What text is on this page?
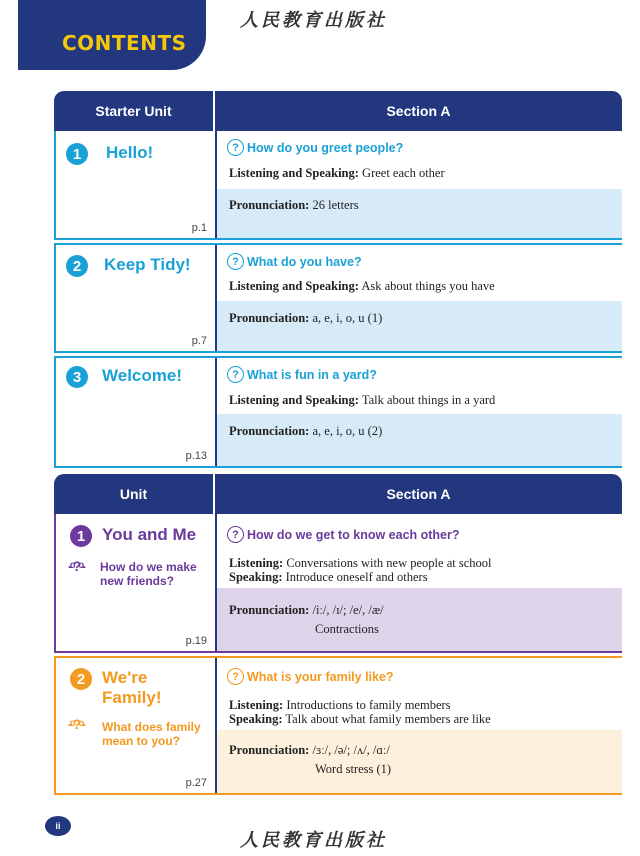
CONTENTS
人民教育出版社
Starter Unit	Section A
1	Hello!
p.1
? How do you greet people?
Listening and Speaking: Greet each other
Pronunciation: 26 letters
2	Keep Tidy!
p.7
? What do you have?
Listening and Speaking: Ask about things you have
Pronunciation: a, e, i, o, u (1)
3	Welcome!
p.13
? What is fun in a yard?
Listening and Speaking: Talk about things in a yard
Pronunciation: a, e, i, o, u (2)
Unit	Section A
1 You and Me
-ͦ?ͦ- How do we make
new friends?
p.19
? How do we get to know each other?
Listening: Conversations with new people at school
Speaking: Introduce oneself and others
Pronunciation: /iː/, /ɪ/; /e/, /æ/
Contractions
2 We're
Family!
-ͦ?ͦ- What does family
mean to you?
p.27
? What is your family like?
Listening: Introductions to family members
Speaking: Talk about what family members are like
Pronunciation: /ɜː/, /ə/; /ʌ/, /ɑː/
Word stress (1)
ii
人民教育出版社
